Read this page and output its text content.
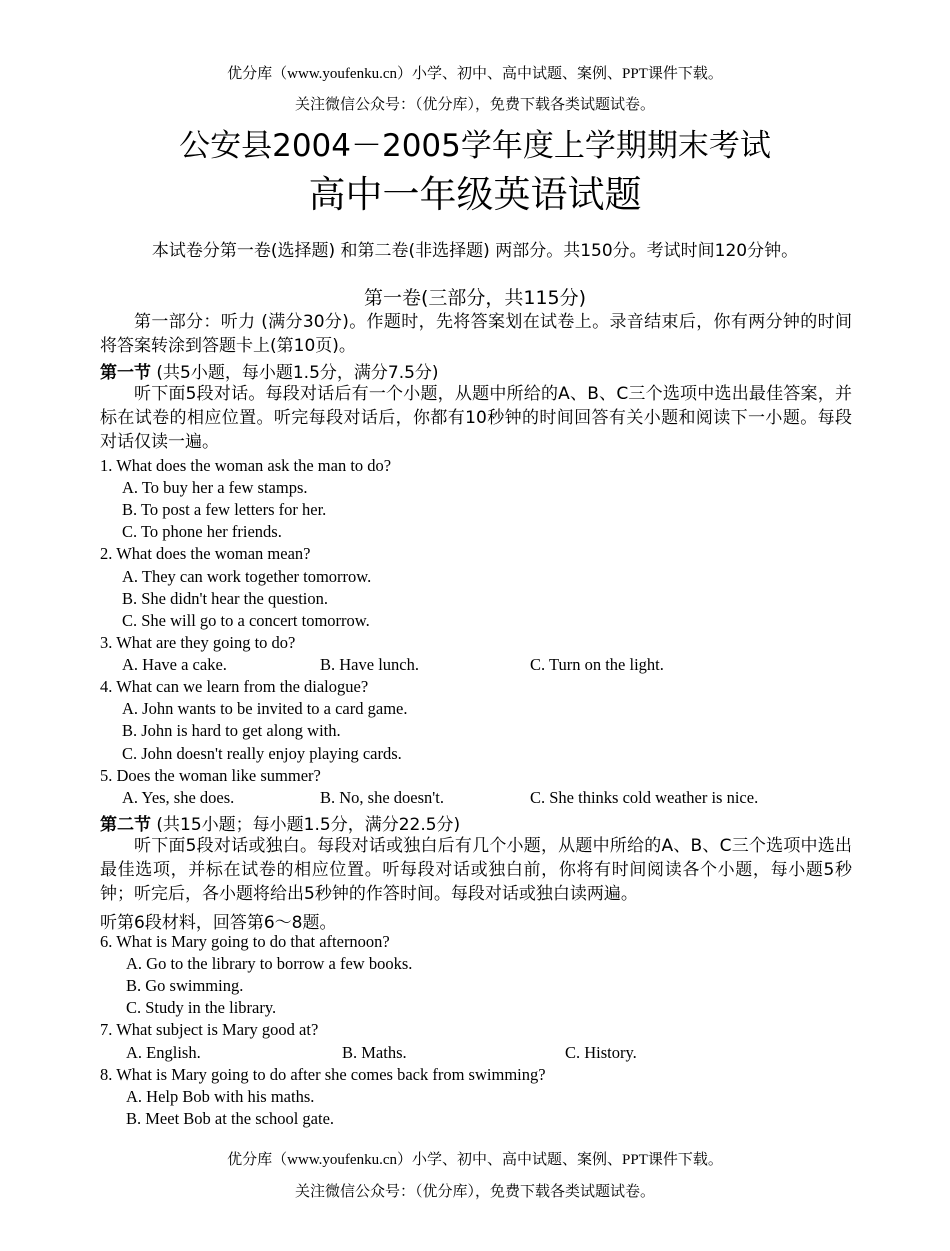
优分库（www.youfenku.cn）小学、初中、高中试题、案例、PPT课件下载。
关注微信公众号：（优分库），免费下载各类试题试卷。
公安县2004－2005学年度上学期期末考试
高中一年级英语试题
本试卷分第一卷(选择题) 和第二卷(非选择题) 两部分。共150分。考试时间120分钟。
第一卷(三部分，共115分)
第一部分：听力 (满分30分)。作题时，先将答案划在试卷上。录音结束后，你有两分钟的时间将答案转涂到答题卡上(第10页)。
第一节 (共5小题，每小题1.5分，满分7.5分)
听下面5段对话。每段对话后有一个小题，从题中所给的A、B、C三个选项中选出最佳答案，并标在试卷的相应位置。听完每段对话后，你都有10秒钟的时间回答有关小题和阅读下一小题。每段对话仅读一遍。
1. What does the woman ask the man to do?
A. To buy her a few stamps.
B. To post a few letters for her.
C. To phone her friends.
2. What does the woman mean?
A. They can work together tomorrow.
B. She didn't hear the question.
C. She will go to a concert tomorrow.
3. What are they going to do?
A. Have a cake.	B. Have lunch.	C. Turn on the light.
4. What can we learn from the dialogue?
A. John wants to be invited to a card game.
B. John is hard to get along with.
C. John doesn't really enjoy playing cards.
5. Does the woman like summer?
A. Yes, she does.	B. No, she doesn't.	C. She thinks cold weather is nice.
第二节 (共15小题；每小题1.5分，满分22.5分)
听下面5段对话或独白。每段对话或独白后有几个小题，从题中所给的A、B、C三个选项中选出最佳选项，并标在试卷的相应位置。听每段对话或独白前，你将有时间阅读各个小题，每小题5秒钟；听完后，各小题将给出5秒钟的作答时间。每段对话或独白读两遍。
听第6段材料，回答第6～8题。
6. What is Mary going to do that afternoon?
A. Go to the library to borrow a few books.
B. Go swimming.
C. Study in the library.
7. What subject is Mary good at?
A. English.	B. Maths.	C. History.
8. What is Mary going to do after she comes back from swimming?
A. Help Bob with his maths.
B. Meet Bob at the school gate.
优分库（www.youfenku.cn）小学、初中、高中试题、案例、PPT课件下载。
关注微信公众号：（优分库），免费下载各类试题试卷。
